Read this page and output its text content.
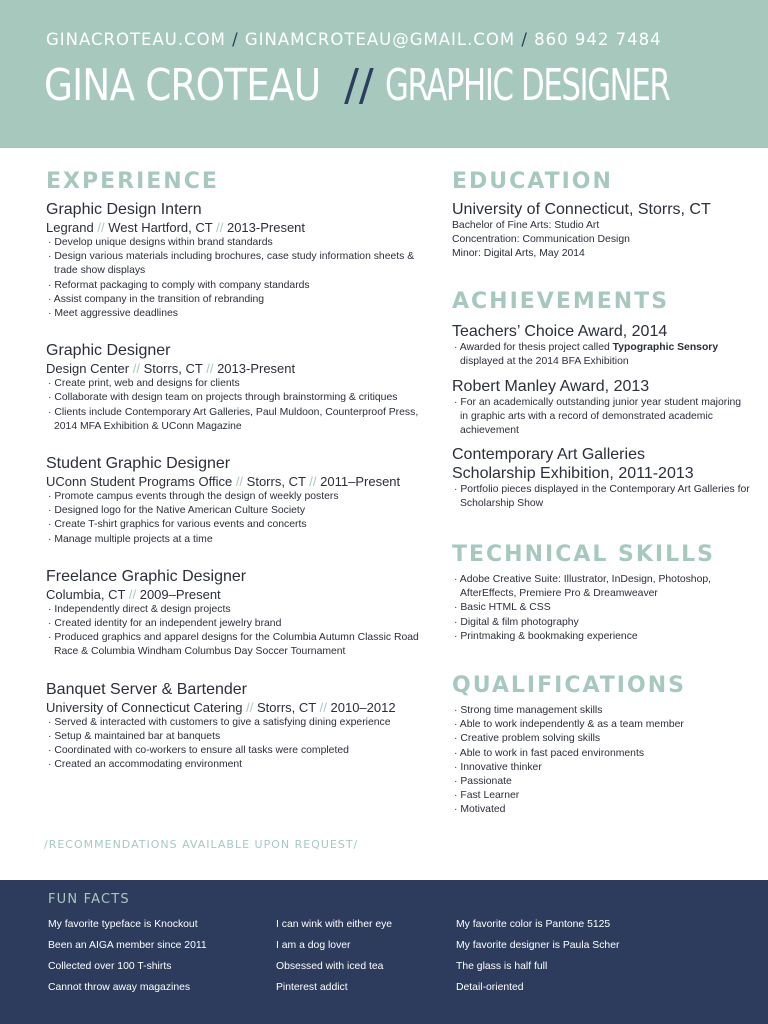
GINACROTEAU.COM / GINAMCROTEAU@GMAIL.COM / 860 942 7484
GINA CROTEAU // GRAPHIC DESIGNER
EXPERIENCE
Graphic Design Intern
Legrand // West Hartford, CT // 2013-Present
· Develop unique designs within brand standards
· Design various materials including brochures, case study information sheets & trade show displays
· Reformat packaging to comply with company standards
· Assist company in the transition of rebranding
· Meet aggressive deadlines
Graphic Designer
Design Center // Storrs, CT // 2013-Present
· Create print, web and designs for clients
· Collaborate with design team on projects through brainstorming & critiques
· Clients include Contemporary Art Galleries, Paul Muldoon, Counterproof Press, 2014 MFA Exhibition & UConn Magazine
Student Graphic Designer
UConn Student Programs Office // Storrs, CT // 2011–Present
· Promote campus events through the design of weekly posters
· Designed logo for the Native American Culture Society
· Create T-shirt graphics for various events and concerts
· Manage multiple projects at a time
Freelance Graphic Designer
Columbia, CT // 2009–Present
· Independently direct & design projects
· Created identity for an independent jewelry brand
· Produced graphics and apparel designs for the Columbia Autumn Classic Road Race & Columbia Windham Columbus Day Soccer Tournament
Banquet Server & Bartender
University of Connecticut Catering // Storrs, CT // 2010–2012
· Served & interacted with customers to give a satisfying dining experience
· Setup & maintained bar at banquets
· Coordinated with co-workers to ensure all tasks were completed
· Created an accommodating environment
EDUCATION
University of Connecticut, Storrs, CT
Bachelor of Fine Arts: Studio Art
Concentration: Communication Design
Minor: Digital Arts, May 2014
ACHIEVEMENTS
Teachers’ Choice Award, 2014
· Awarded for thesis project called Typographic Sensory
displayed at the 2014 BFA Exhibition
Robert Manley Award, 2013
· For an academically outstanding junior year student majoring in graphic arts with a record of demonstrated academic achievement
Contemporary Art Galleries
Scholarship Exhibition, 2011-2013
· Portfolio pieces displayed in the Contemporary Art Galleries for Scholarship Show
TECHNICAL SKILLS
· Adobe Creative Suite: Illustrator, InDesign, Photoshop, AfterEffects, Premiere Pro & Dreamweaver
· Basic HTML & CSS
· Digital & film photography
· Printmaking & bookmaking experience
QUALIFICATIONS
· Strong time management skills
· Able to work independently & as a team member
· Creative problem solving skills
· Able to work in fast paced environments
· Innovative thinker
· Passionate
· Fast Learner
· Motivated
/RECOMMENDATIONS AVAILABLE UPON REQUEST/
FUN FACTS
My favorite typeface is Knockout
Been an AIGA member since 2011
Collected over 100 T-shirts
Cannot throw away magazines
I can wink with either eye
I am a dog lover
Obsessed with iced tea
Pinterest addict
My favorite color is Pantone 5125
My favorite designer is Paula Scher
The glass is half full
Detail-oriented
